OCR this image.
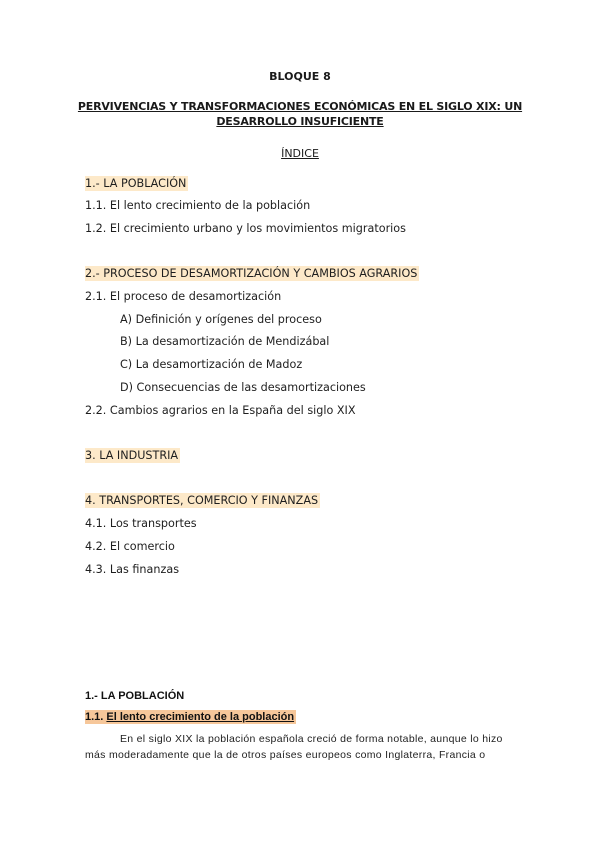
BLOQUE 8
PERVIVENCIAS Y TRANSFORMACIONES ECONÓMICAS EN EL SIGLO XIX: UN DESARROLLO INSUFICIENTE
ÍNDICE
1.- LA POBLACIÓN
1.1. El lento crecimiento de la población
1.2. El crecimiento urbano y los movimientos migratorios
2.- PROCESO DE DESAMORTIZACIÓN Y CAMBIOS AGRARIOS
2.1. El proceso de desamortización
A) Definición y orígenes del proceso
B) La desamortización de Mendizábal
C) La desamortización de Madoz
D) Consecuencias de las desamortizaciones
2.2. Cambios agrarios en la España del siglo XIX
3. LA INDUSTRIA
4. TRANSPORTES, COMERCIO Y FINANZAS
4.1. Los transportes
4.2. El comercio
4.3. Las finanzas
1.- LA POBLACIÓN
1.1. El lento crecimiento de la población
En el siglo XIX la población española creció de forma notable, aunque lo hizo
más moderadamente que la de otros países europeos como Inglaterra, Francia o
